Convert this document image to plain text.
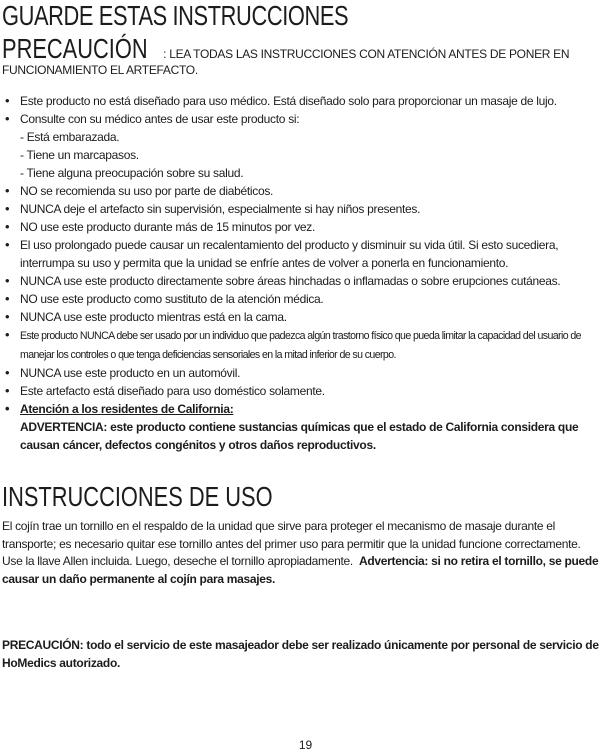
GUARDE ESTAS INSTRUCCIONES
PRECAUCIÓN : LEA TODAS LAS INSTRUCCIONES CON ATENCIÓN ANTES DE PONER EN
FUNCIONAMIENTO EL ARTEFACTO.
• Este producto no está diseñado para uso médico. Está diseñado solo para proporcionar un masaje de lujo.
• Consulte con su médico antes de usar este producto si:
- Está embarazada.
- Tiene un marcapasos.
- Tiene alguna preocupación sobre su salud.
• NO se recomienda su uso por parte de diabéticos.
• NUNCA deje el artefacto sin supervisión, especialmente si hay niños presentes.
• NO use este producto durante más de 15 minutos por vez.
• El uso prolongado puede causar un recalentamiento del producto y disminuir su vida útil. Si esto sucediera, interrumpa su uso y permita que la unidad se enfríe antes de volver a ponerla en funcionamiento.
• NUNCA use este producto directamente sobre áreas hinchadas o inflamadas o sobre erupciones cutáneas.
• NO use este producto como sustituto de la atención médica.
• NUNCA use este producto mientras está en la cama.
• Este producto NUNCA debe ser usado por un individuo que padezca algún trastorno físico que pueda limitar la capacidad del usuario de manejar los controles o que tenga deficiencias sensoriales en la mitad inferior de su cuerpo.
• NUNCA use este producto en un automóvil.
• Este artefacto está diseñado para uso doméstico solamente.
• Atención a los residentes de California:
ADVERTENCIA: este producto contiene sustancias químicas que el estado de California considera que causan cáncer, defectos congénitos y otros daños reproductivos.
INSTRUCCIONES DE USO
El cojín trae un tornillo en el respaldo de la unidad que sirve para proteger el mecanismo de masaje durante el transporte; es necesario quitar ese tornillo antes del primer uso para permitir que la unidad funcione correctamente. Use la llave Allen incluida. Luego, deseche el tornillo apropiadamente. Advertencia: si no retira el tornillo, se puede causar un daño permanente al cojín para masajes.
PRECAUCIÓN: todo el servicio de este masajeador debe ser realizado únicamente por personal de servicio de HoMedics autorizado.
19
